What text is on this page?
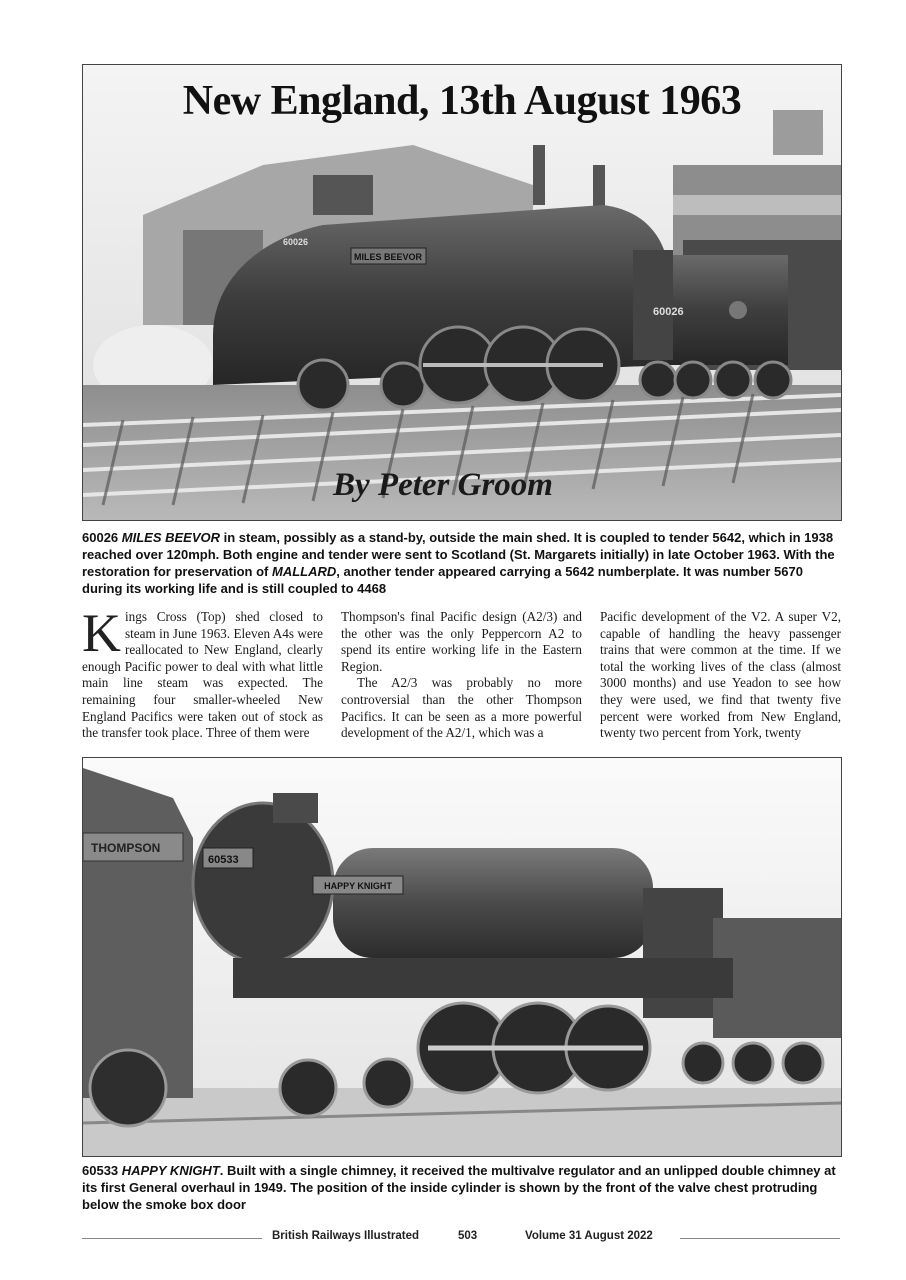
MILES BEEVOR
60026
60026
New England, 13th August 1963
By Peter Groom
60026 MILES BEEVOR in steam, possibly as a stand-by, outside the main shed. It is coupled to tender 5642, which in 1938 reached over 120mph. Both engine and tender were sent to Scotland (St. Margarets initially) in late October 1963. With the restoration for preservation of MALLARD, another tender appeared carrying a 5642 numberplate. It was number 5670 during its working life and is still coupled to 4468

Kings Cross (Top) shed closed to steam in June 1963. Eleven A4s were reallocated to New England, clearly enough Pacific power to deal with what little main line steam was expected. The remaining four smaller-wheeled New England Pacifics were taken out of stock as the transfer took place. Three of them were

Thompson's final Pacific design (A2/3) and the other was the only Peppercorn A2 to spend its entire working life in the Eastern Region.

The A2/3 was probably no more controversial than the other Thompson Pacifics. It can be seen as a more powerful development of the A2/1, which was a

Pacific development of the V2. A super V2, capable of handling the heavy passenger trains that were common at the time. If we total the working lives of the class (almost 3000 months) and use Yeadon to see how they were used, we find that twenty five percent were worked from New England, twenty two percent from York, twenty

THOMPSON
60533
HAPPY KNIGHT
60533 HAPPY KNIGHT. Built with a single chimney, it received the multivalve regulator and an unlipped double chimney at its first General overhaul in 1949. The position of the inside cylinder is shown by the front of the valve chest protruding below the smoke box door
British Railways Illustrated	503	Volume 31 August 2022
